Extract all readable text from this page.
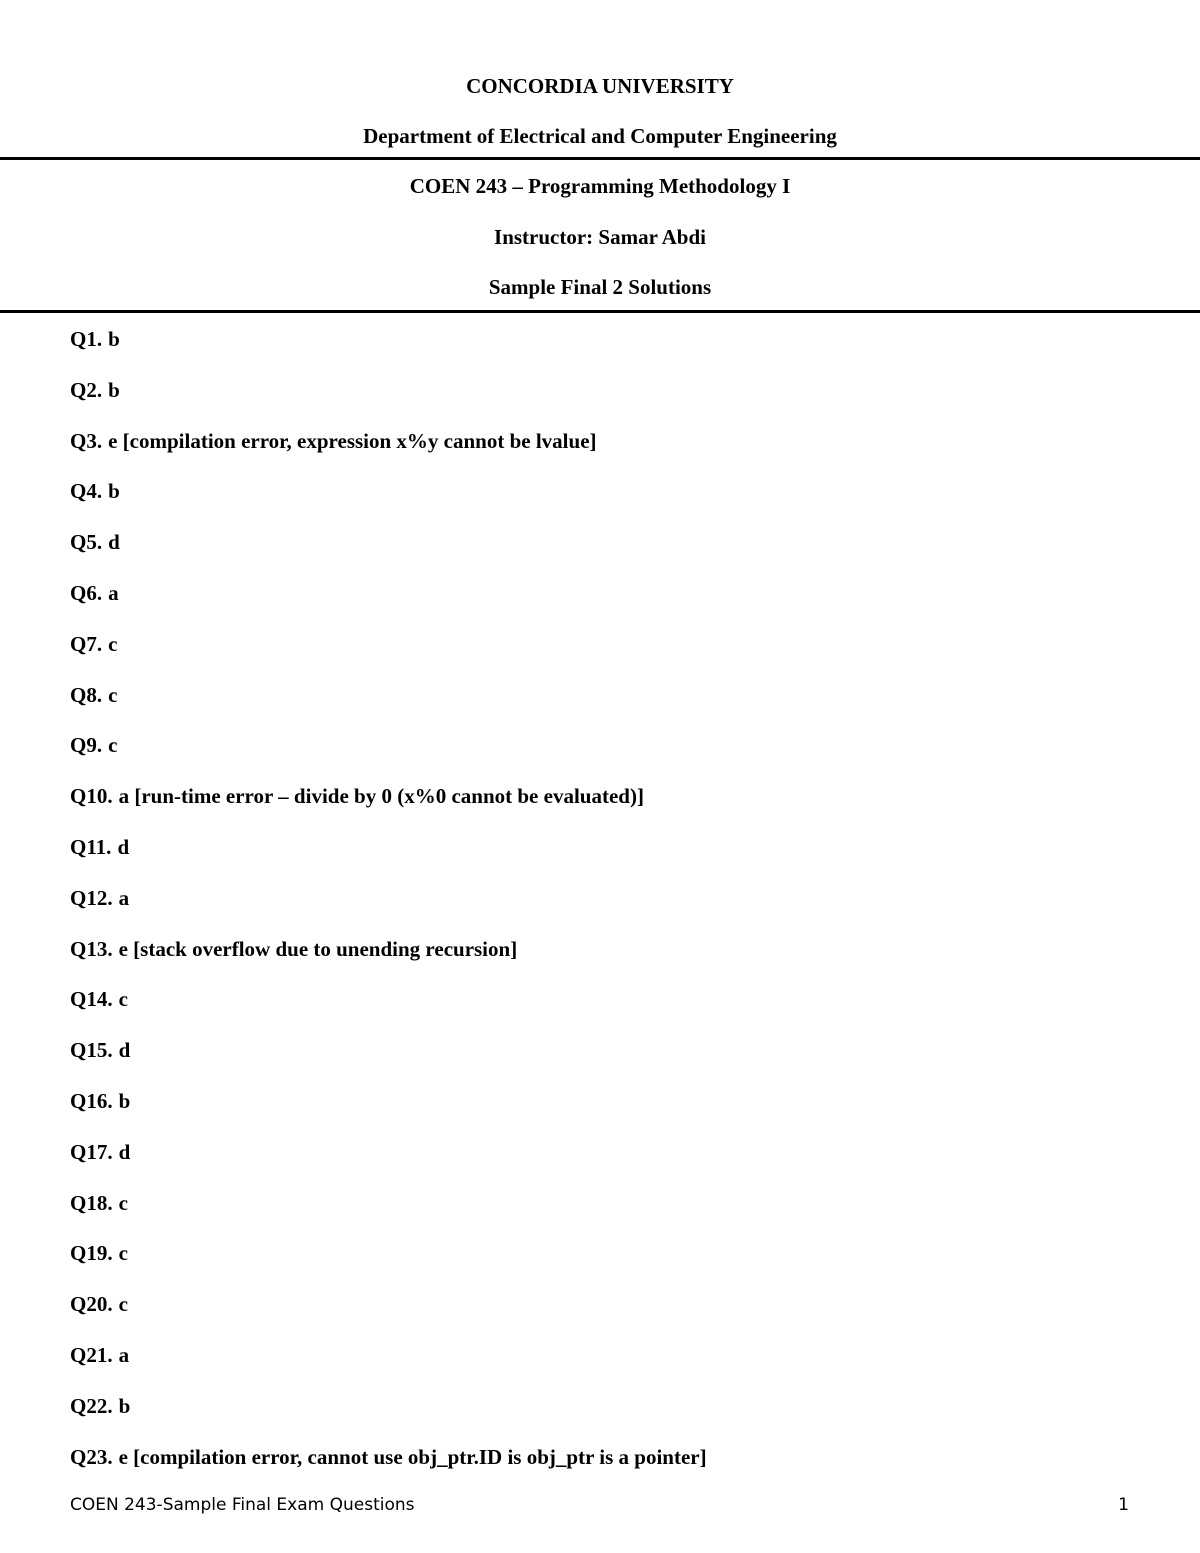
CONCORDIA UNIVERSITY
Department of Electrical and Computer Engineering
COEN 243 – Programming Methodology I
Instructor: Samar Abdi
Sample Final 2 Solutions
Q1. b
Q2. b
Q3. e [compilation error, expression x%y cannot be lvalue]
Q4. b
Q5. d
Q6. a
Q7. c
Q8. c
Q9. c
Q10. a [run-time error – divide by 0 (x%0 cannot be evaluated)]
Q11. d
Q12. a
Q13. e [stack overflow due to unending recursion]
Q14. c
Q15. d
Q16. b
Q17. d
Q18. c
Q19. c
Q20. c
Q21. a
Q22. b
Q23. e [compilation error, cannot use obj_ptr.ID is obj_ptr is a pointer]
COEN 243-Sample Final Exam Questions	1
